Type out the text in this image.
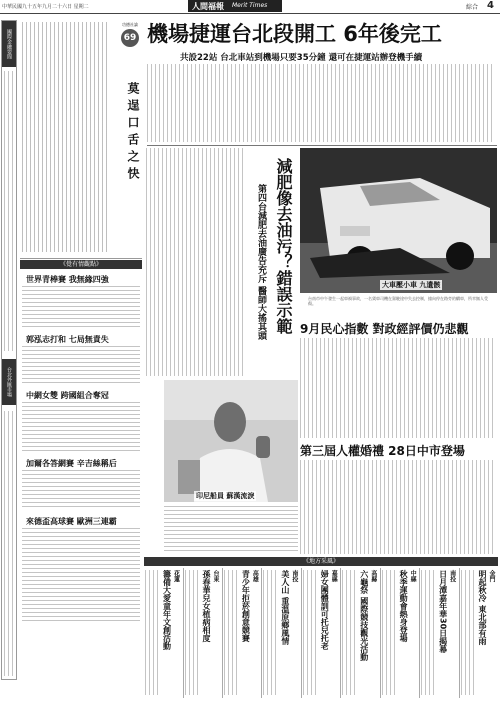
中華民國九十五年九月二十六日 星期二	人間福報 Merit Times	綜合 4
國際金融要聞
台北外匯市場
功德社論
69
莫逞口舌之快
《覺有情觀點》
世界青棒賽 我無緣四強
郭泓志打和 七局無責失
中網女雙 跨國組合奪冠
加爾各答網賽 辛吉絲稱后
來德盃高球賽 歐洲三連霸
機場捷運台北段開工 6年後完工
共設22站 台北車站到機場只要35分鐘 還可在捷運站辦登機手續
第四台減肥去油廣告充斥 醫師大搖其頭 減肥像去油污？錯誤示範	大車壓小車 九遺骸
台南市中午發生一起車禍事故，一名貨車司機在駕駛途中失去控制，撞向停在路旁的轎車，所幸無人受傷。
9月民心指數 對政經評價仍悲觀
印尼船員 蘇漢流淚
第三屆人權婚禮 28日中市登場
《地方采風》
金門
明起秋冷 東北部有雨
南投
日月潭嘉年華30日揭幕
中縣
秋季運動會熱身登場
高縣
六龜祭 國際競技觀光活動
嘉縣
婦女團體訓可托兒托老
南投
美人山 重溫原鄉風情
高雄
青少年拒菸創意競賽
台東
孫春華兒女植病相度
花蓮
籌備大愛童年文創活動
